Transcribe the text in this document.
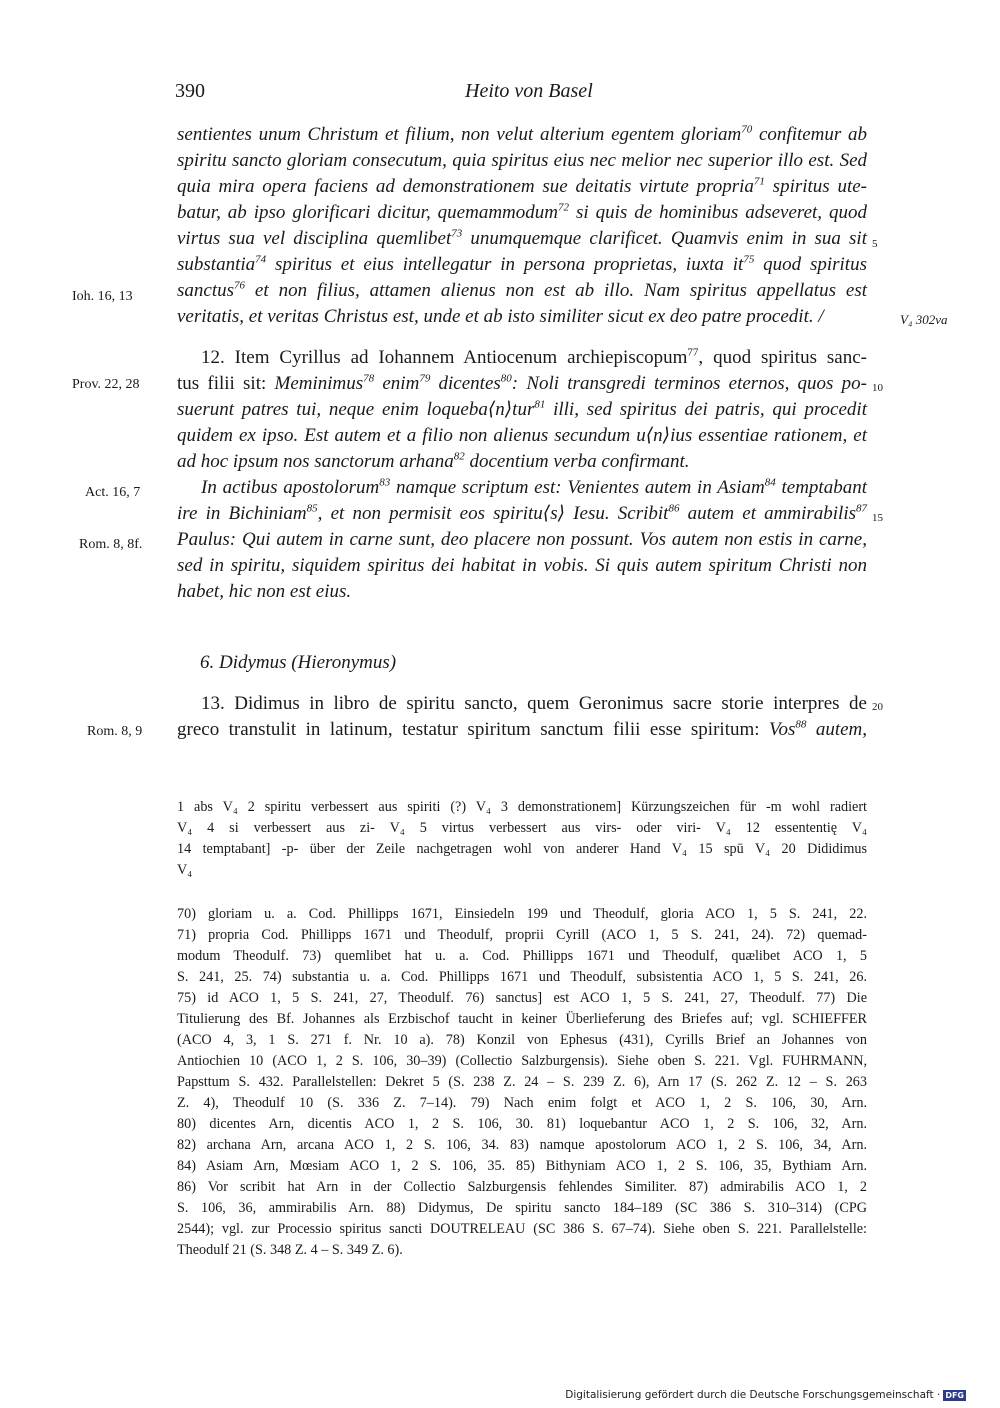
390	Heito von Basel
sentientes unum Christum et filium, non velut alterium egentem gloriam$^{70}$ confitemur ab
spiritu sancto gloriam consecutum, quia spiritus eius nec melior nec superior illo est. Sed
quia mira opera faciens ad demonstrationem sue deitatis virtute propria$^{71}$ spiritus ute-
batur, ab ipso glorificari dicitur, quemammodum$^{72}$ si quis de hominibus adseveret, quod
virtus sua vel disciplina quemlibet$^{73}$ unumquemque clarificet. Quamvis enim in sua sit
substantia$^{74}$ spiritus et eius intellegatur in persona proprietas, iuxta $it^{75}$ quod spiritus
sanctus$^{76}$ et non filius, attamen alienus non est ab illo. Nam spiritus appellatus est
veritatis, et veritas Christus est, unde et ab isto similiter sicut ex deo patre procedit. /
12. Item Cyrillus ad Iohannem Antiocenum archiepiscopum$^{77}$, quod spiritus sanc-
tus filii sit: Meminimus$^{78}$ enim$^{79}$ dicentes$^{80}$: Noli transgredi terminos eternos, quos po-
suerunt patres tui, neque enim loqueba⟨n⟩tur$^{81}$ illi, sed spiritus dei patris, qui procedit
quidem ex ipso. Est autem et a filio non alienus secundum u⟨n⟩ius essentiae rationem, et
ad hoc ipsum nos sanctorum arhana$^{82}$ docentium verba confirmant.
In actibus apostolorum$^{83}$ namque scriptum est: Venientes autem in Asiam$^{84}$ temptabant
ire in Bichiniam$^{85}$, et non permisit eos spiritu⟨s⟩ Iesu. Scribit$^{86}$ autem et ammirabilis$^{87}$
Paulus: Qui autem in carne sunt, deo placere non possunt. Vos autem non estis in carne,
sed in spiritu, siquidem spiritus dei habitat in vobis. Si quis autem spiritum Christi non
habet, hic non est eius.
6. Didymus (Hieronymus)
13. Didimus in libro de spiritu sancto, quem Geronimus sacre storie interpres de
greco transtulit in latinum, testatur spiritum sanctum filii esse spiritum: Vos$^{88}$ autem,
Ioh. 16, 13
Prov. 22, 28
Act. 16, 7
Rom. 8, 8f.
Rom. 8, 9
5
10
15
20
V₄ 302va
1 abs V₄ 2 spiritu verbessert aus spiriti (?) V₄ 3 demonstrationem] Kürzungszeichen für -m wohl radiert
V₄ 4 si verbessert aus zi- V₄ 5 virtus verbessert aus virs- oder viri- V₄ 12 essententię V₄
14 temptabant] -p- über der Zeile nachgetragen wohl von anderer Hand V₄ 15 spū V₄ 20 Dididimus
V₄
70) gloriam u. a. Cod. Phillipps 1671, Einsiedeln 199 und Theodulf, gloria ACO 1, 5 S. 241, 22.
71) propria Cod. Phillipps 1671 und Theodulf, proprii Cyrill (ACO 1, 5 S. 241, 24). 72) quemad-
modum Theodulf. 73) quemlibet hat u. a. Cod. Phillipps 1671 und Theodulf, quælibet ACO 1, 5
S. 241, 25. 74) substantia u. a. Cod. Phillipps 1671 und Theodulf, subsistentia ACO 1, 5 S. 241, 26.
75) id ACO 1, 5 S. 241, 27, Theodulf. 76) sanctus] est ACO 1, 5 S. 241, 27, Theodulf. 77) Die
Titulierung des Bf. Johannes als Erzbischof taucht in keiner Überlieferung des Briefes auf; vgl. SCHIEFFER
(ACO 4, 3, 1 S. 271 f. Nr. 10 a). 78) Konzil von Ephesus (431), Cyrills Brief an Johannes von
Antiochien 10 (ACO 1, 2 S. 106, 30–39) (Collectio Salzburgensis). Siehe oben S. 221. Vgl. FUHRMANN,
Papsttum S. 432. Parallelstellen: Dekret 5 (S. 238 Z. 24 – S. 239 Z. 6), Arn 17 (S. 262 Z. 12 – S. 263
Z. 4), Theodulf 10 (S. 336 Z. 7–14). 79) Nach enim folgt et ACO 1, 2 S. 106, 30, Arn.
80) dicentes Arn, dicentis ACO 1, 2 S. 106, 30. 81) loquebantur ACO 1, 2 S. 106, 32, Arn.
82) archana Arn, arcana ACO 1, 2 S. 106, 34. 83) namque apostolorum ACO 1, 2 S. 106, 34, Arn.
84) Asiam Arn, Mœsiam ACO 1, 2 S. 106, 35. 85) Bithyniam ACO 1, 2 S. 106, 35, Bythiam Arn.
86) Vor scribit hat Arn in der Collectio Salzburgensis fehlendes Similiter. 87) admirabilis ACO 1, 2
S. 106, 36, ammirabilis Arn. 88) Didymus, De spiritu sancto 184–189 (SC 386 S. 310–314) (CPG
2544); vgl. zur Processio spiritus sancti DOUTRELEAU (SC 386 S. 67–74). Siehe oben S. 221. Parallelstelle:
Theodulf 21 (S. 348 Z. 4 – S. 349 Z. 6).
Digitalisierung gefördert durch die Deutsche Forschungsgemeinschaft · DFG
